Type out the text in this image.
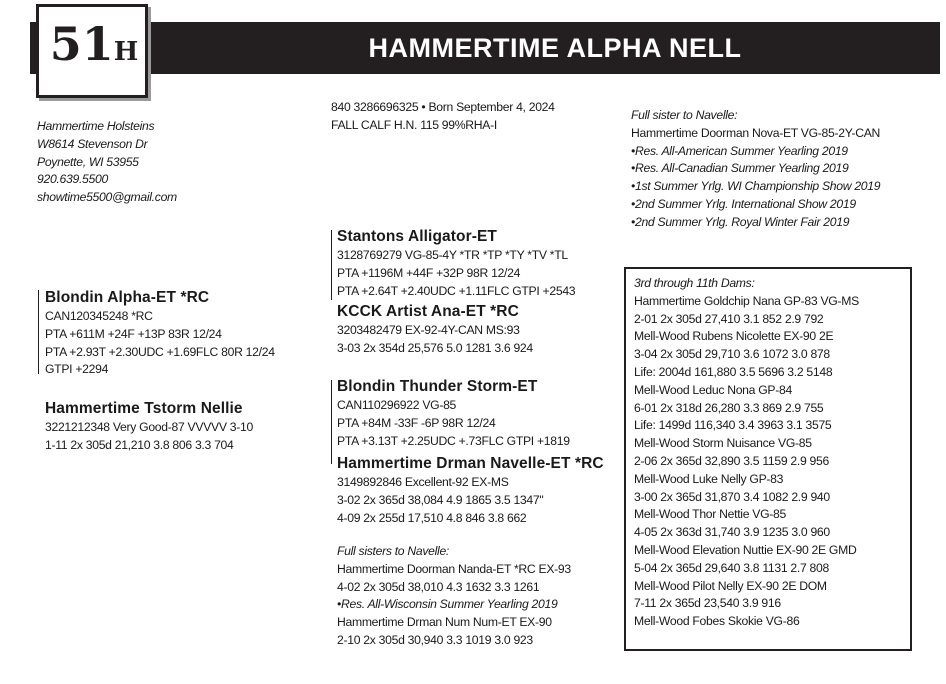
HAMMERTIME ALPHA NELL
51H
Hammertime Holsteins
W8614 Stevenson Dr
Poynette, WI 53955
920.639.5500
showtime5500@gmail.com
840 3286696325 • Born September 4, 2024
FALL CALF H.N. 115 99%RHA-I
Blondin Alpha-ET *RC
CAN120345248 *RC
PTA +611M +24F +13P 83R 12/24
PTA +2.93T +2.30UDC +1.69FLC 80R 12/24
GTPI +2294
Hammertime Tstorm Nellie
3221212348 Very Good-87 VVVVV 3-10
1-11 2x 305d 21,210 3.8 806 3.3 704
Stantons Alligator-ET
3128769279 VG-85-4Y *TR *TP *TY *TV *TL
PTA +1196M +44F +32P 98R 12/24
PTA +2.64T +2.40UDC +1.11FLC GTPI +2543
KCCK Artist Ana-ET *RC
3203482479 EX-92-4Y-CAN MS:93
3-03 2x 354d 25,576 5.0 1281 3.6 924
Blondin Thunder Storm-ET
CAN110296922 VG-85
PTA +84M -33F -6P 98R 12/24
PTA +3.13T +2.25UDC +.73FLC GTPI +1819
Hammertime Drman Navelle-ET *RC
3149892846 Excellent-92 EX-MS
3-02 2x 365d 38,084 4.9 1865 3.5 1347"
4-09 2x 255d 17,510 4.8 846 3.8 662
Full sisters to Navelle:
Hammertime Doorman Nanda-ET *RC EX-93
4-02 2x 305d 38,010 4.3 1632 3.3 1261
•Res. All-Wisconsin Summer Yearling 2019
Hammertime Drman Num Num-ET EX-90
2-10 2x 305d 30,940 3.3 1019 3.0 923
Full sister to Navelle:
Hammertime Doorman Nova-ET VG-85-2Y-CAN
•Res. All-American Summer Yearling 2019
•Res. All-Canadian Summer Yearling 2019
•1st Summer Yrlg. WI Championship Show 2019
•2nd Summer Yrlg. International Show 2019
•2nd Summer Yrlg. Royal Winter Fair 2019
3rd through 11th Dams:
Hammertime Goldchip Nana GP-83 VG-MS
2-01 2x 305d 27,410 3.1 852 2.9 792
Mell-Wood Rubens Nicolette EX-90 2E
3-04 2x 305d 29,710 3.6 1072 3.0 878
Life: 2004d 161,880 3.5 5696 3.2 5148
Mell-Wood Leduc Nona GP-84
6-01 2x 318d 26,280 3.3 869 2.9 755
Life: 1499d 116,340 3.4 3963 3.1 3575
Mell-Wood Storm Nuisance VG-85
2-06 2x 365d 32,890 3.5 1159 2.9 956
Mell-Wood Luke Nelly GP-83
3-00 2x 365d 31,870 3.4 1082 2.9 940
Mell-Wood Thor Nettie VG-85
4-05 2x 363d 31,740 3.9 1235 3.0 960
Mell-Wood Elevation Nuttie EX-90 2E GMD
5-04 2x 365d 29,640 3.8 1131 2.7 808
Mell-Wood Pilot Nelly EX-90 2E DOM
7-11 2x 365d 23,540 3.9 916
Mell-Wood Fobes Skokie VG-86
